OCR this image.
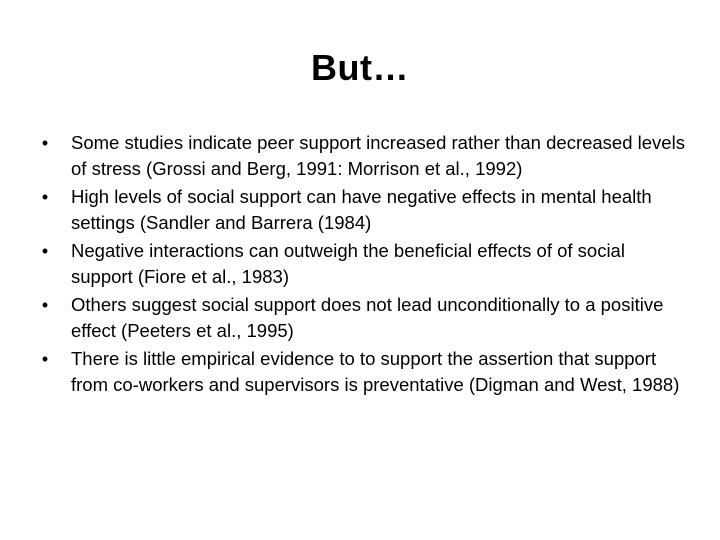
But…
• Some studies indicate peer support increased rather than decreased levels of stress (Grossi and Berg, 1991: Morrison et al., 1992)
• High levels of social support can have negative effects in mental health settings (Sandler and Barrera (1984)
• Negative interactions can outweigh the beneficial effects of of social support (Fiore et al., 1983)
• Others suggest social support does not lead unconditionally to a positive effect (Peeters et al., 1995)
• There is little empirical evidence to to support the assertion that support from co-workers and supervisors is preventative (Digman and West, 1988)
